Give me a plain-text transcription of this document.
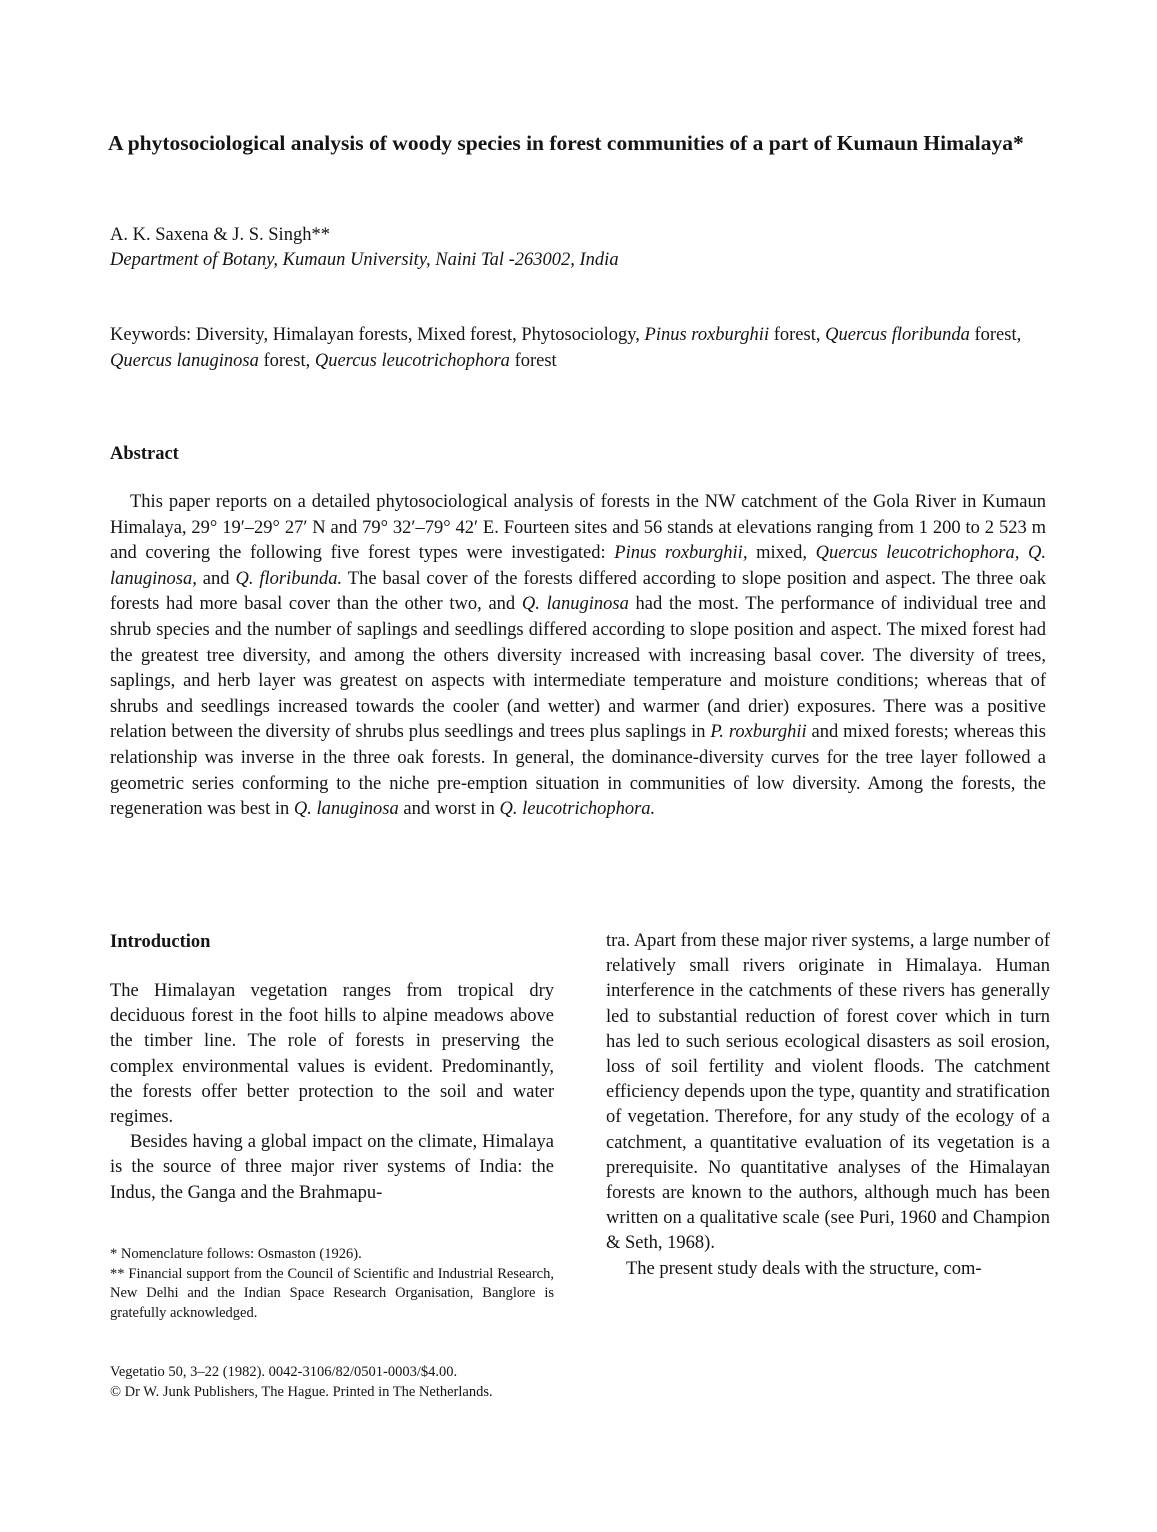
A phytosociological analysis of woody species in forest communities of a part of Kumaun Himalaya*
A. K. Saxena & J. S. Singh**
Department of Botany, Kumaun University, Naini Tal -263002, India
Keywords: Diversity, Himalayan forests, Mixed forest, Phytosociology, Pinus roxburghii forest, Quercus floribunda forest, Quercus lanuginosa forest, Quercus leucotrichophora forest
Abstract

This paper reports on a detailed phytosociological analysis of forests in the NW catchment of the Gola River in Kumaun Himalaya, 29° 19′–29° 27′ N and 79° 32′–79° 42′ E. Fourteen sites and 56 stands at elevations ranging from 1 200 to 2 523 m and covering the following five forest types were investigated: Pinus roxburghii, mixed, Quercus leucotrichophora, Q. lanuginosa, and Q. floribunda. The basal cover of the forests differed according to slope position and aspect. The three oak forests had more basal cover than the other two, and Q. lanuginosa had the most. The performance of individual tree and shrub species and the number of saplings and seedlings differed according to slope position and aspect. The mixed forest had the greatest tree diversity, and among the others diversity increased with increasing basal cover. The diversity of trees, saplings, and herb layer was greatest on aspects with intermediate temperature and moisture conditions; whereas that of shrubs and seedlings increased towards the cooler (and wetter) and warmer (and drier) exposures. There was a positive relation between the diversity of shrubs plus seedlings and trees plus saplings in P. roxburghii and mixed forests; whereas this relationship was inverse in the three oak forests. In general, the dominance-diversity curves for the tree layer followed a geometric series conforming to the niche pre-emption situation in communities of low diversity. Among the forests, the regeneration was best in Q. lanuginosa and worst in Q. leucotrichophora.

Introduction

The Himalayan vegetation ranges from tropical dry deciduous forest in the foot hills to alpine meadows above the timber line. The role of forests in preserving the complex environmental values is evident. Predominantly, the forests offer better protection to the soil and water regimes.

Besides having a global impact on the climate, Himalaya is the source of three major river systems of India: the Indus, the Ganga and the Brahmapu-

* Nomenclature follows: Osmaston (1926).

** Financial support from the Council of Scientific and Industrial Research, New Delhi and the Indian Space Research Organisation, Banglore is gratefully acknowledged.

Vegetatio 50, 3–22 (1982). 0042-3106/82/0501-0003/$4.00.

© Dr W. Junk Publishers, The Hague. Printed in The Netherlands.

tra. Apart from these major river systems, a large number of relatively small rivers originate in Himalaya. Human interference in the catchments of these rivers has generally led to substantial reduction of forest cover which in turn has led to such serious ecological disasters as soil erosion, loss of soil fertility and violent floods. The catchment efficiency depends upon the type, quantity and stratification of vegetation. Therefore, for any study of the ecology of a catchment, a quantitative evaluation of its vegetation is a prerequisite. No quantitative analyses of the Himalayan forests are known to the authors, although much has been written on a qualitative scale (see Puri, 1960 and Champion & Seth, 1968).

The present study deals with the structure, com-
